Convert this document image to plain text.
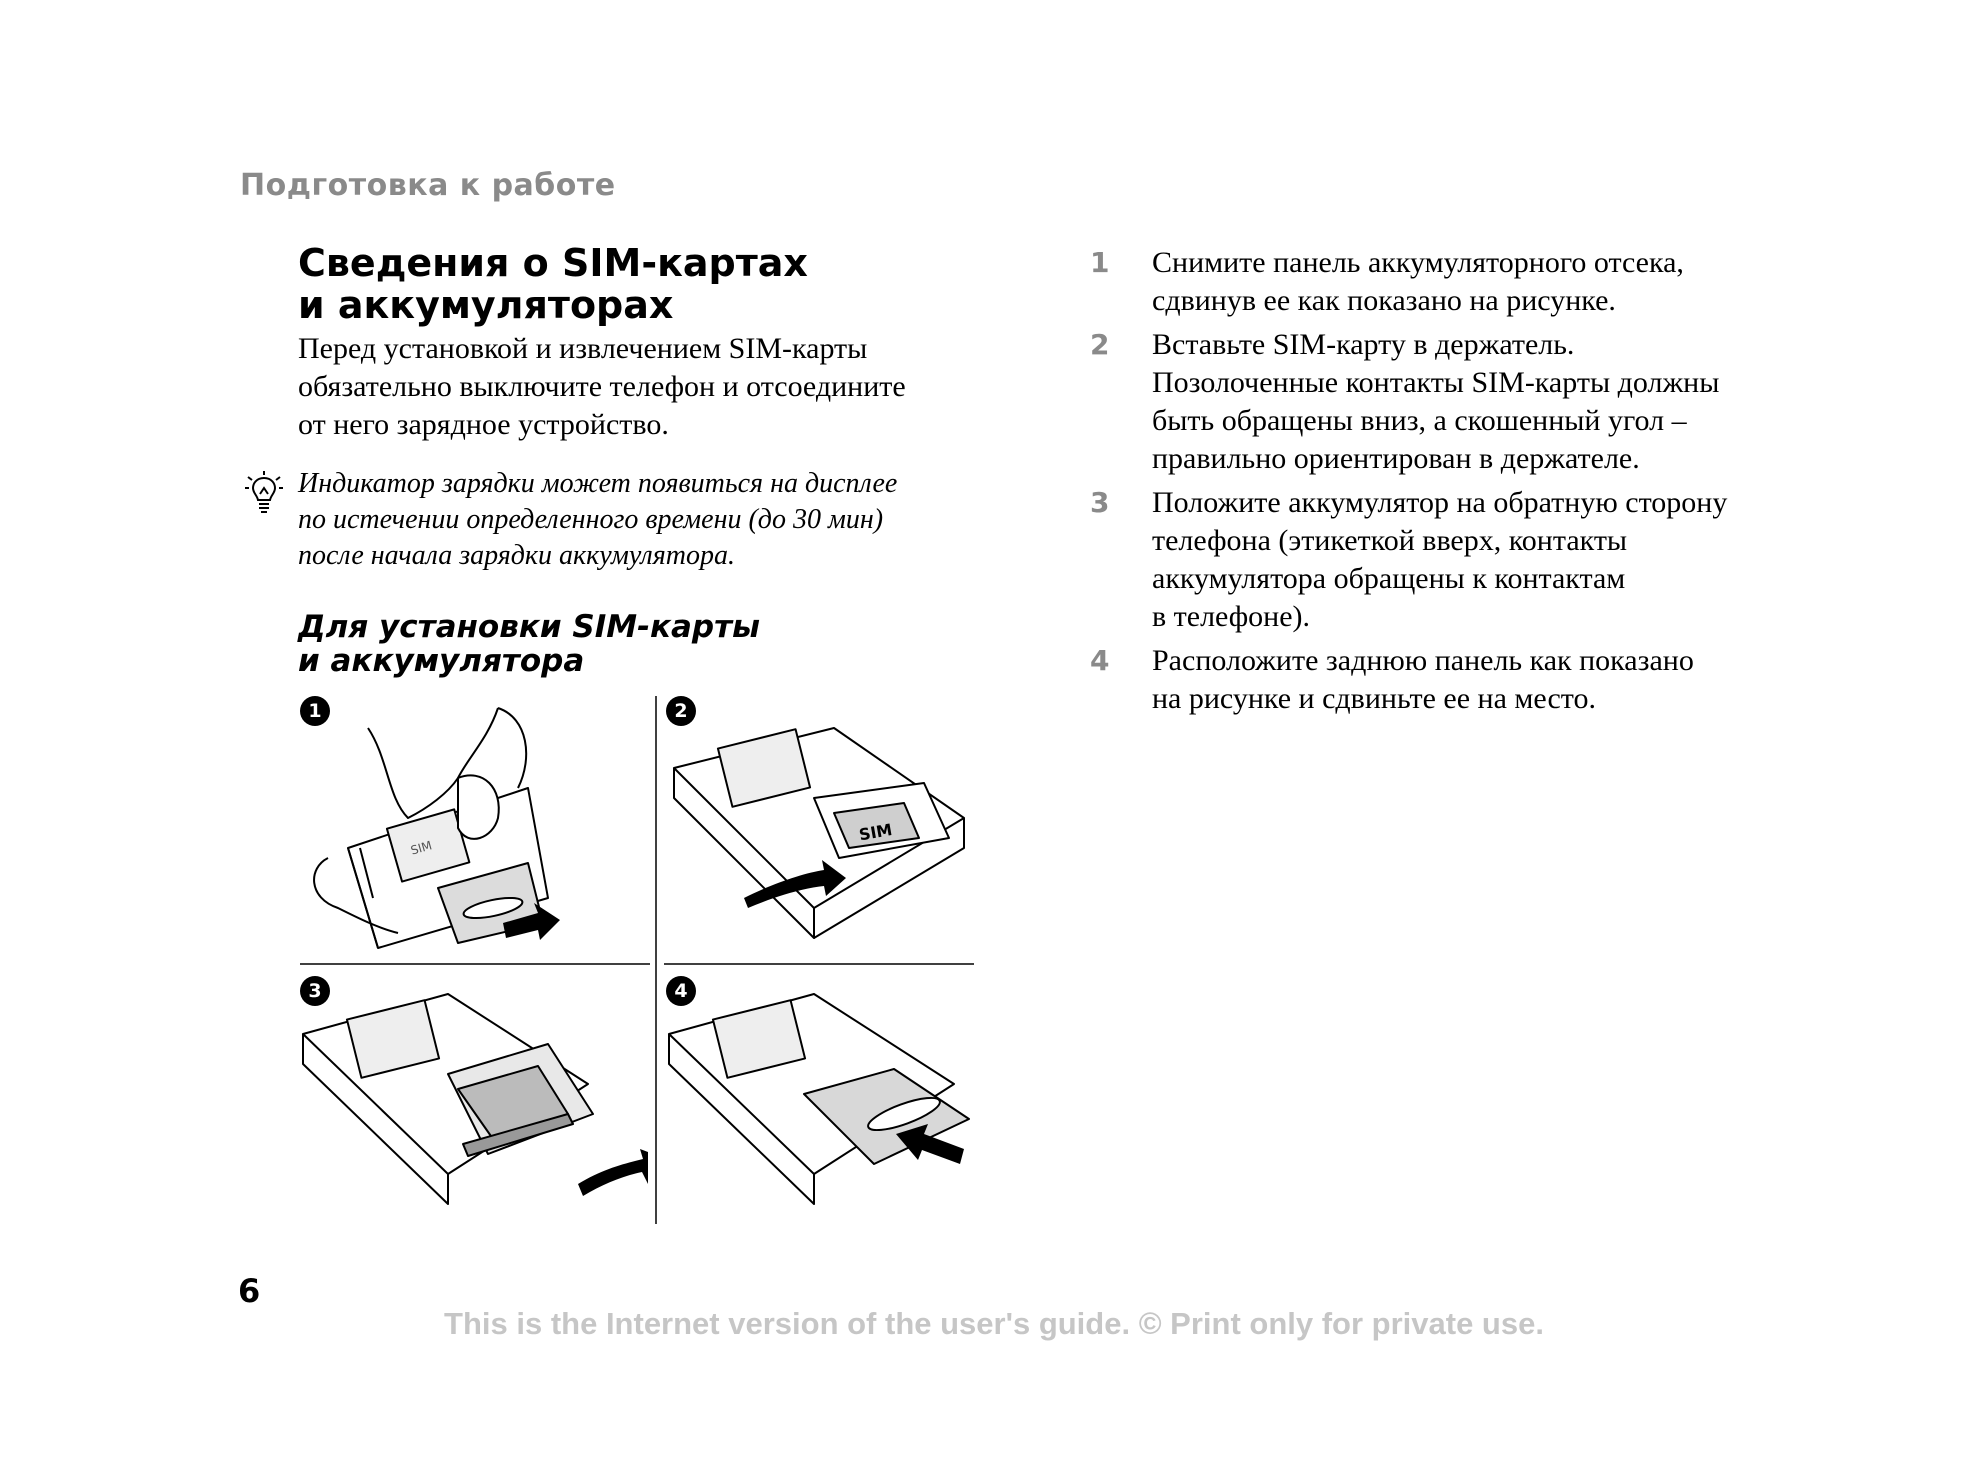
Подготовка к работе
Сведения о SIM-картах
и аккумуляторах

Перед установкой и извлечением SIM-карты
обязательно выключите телефон и отсоедините
от него зарядное устройство.

Индикатор зарядки может появиться на дисплее
по истечении определенного времени (до 30 мин)
после начала зарядки аккумулятора.

Для установки SIM-карты
и аккумулятора
1
SIM
2
SIM
3	4
1 Снимите панель аккумуляторного отсека,
сдвинув ее как показано на рисунке.
2 Вставьте SIM-карту в держатель.
Позолоченные контакты SIM-карты должны
быть обращены вниз, а скошенный угол –
правильно ориентирован в держателе.
3 Положите аккумулятор на обратную сторону
телефона (этикеткой вверх, контакты
аккумулятора обращены к контактам
в телефоне).
4 Расположите заднюю панель как показано
на рисунке и сдвиньте ее на место.
6
This is the Internet version of the user's guide. © Print only for private use.
